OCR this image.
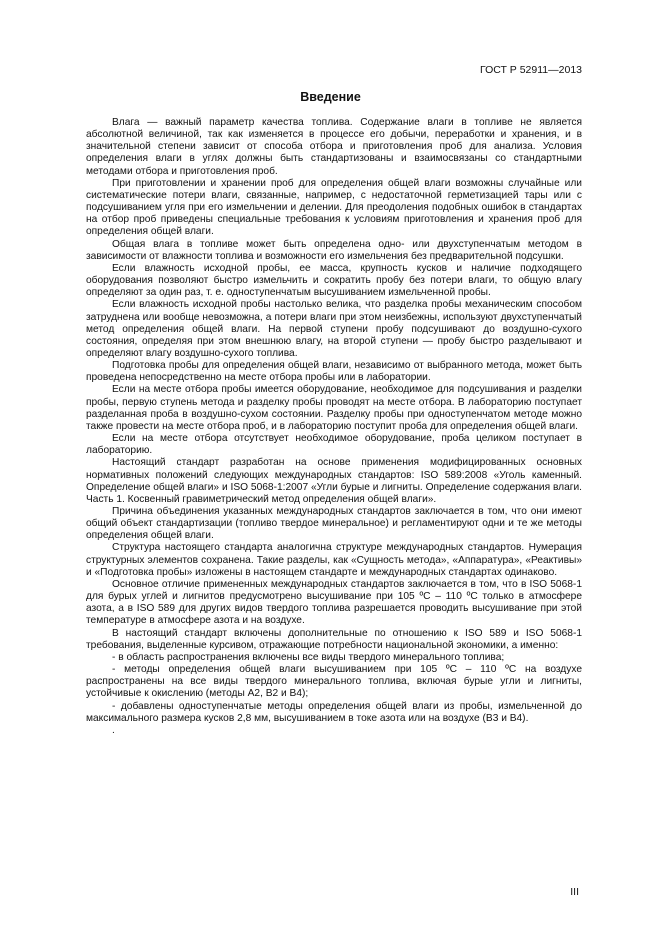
ГОСТ Р 52911—2013
Введение

Влага — важный параметр качества топлива. Содержание влаги в топливе не является абсолютной величиной, так как изменяется в процессе его добычи, переработки и хранения, и в значительной степени зависит от способа отбора и приготовления проб для анализа. Условия определения влаги в углях должны быть стандартизованы и взаимосвязаны со стандартными методами отбора и приготовления проб.

При приготовлении и хранении проб для определения общей влаги возможны случайные или систематические потери влаги, связанные, например, с недостаточной герметизацией тары или с подсушиванием угля при его измельчении и делении. Для преодоления подобных ошибок в стандартах на отбор проб приведены специальные требования к условиям приготовления и хранения проб для определения общей влаги.

Общая влага в топливе может быть определена одно- или двухступенчатым методом в зависимости от влажности топлива и возможности его измельчения без предварительной подсушки.

Если влажность исходной пробы, ее масса, крупность кусков и наличие подходящего оборудования позволяют быстро измельчить и сократить пробу без потери влаги, то общую влагу определяют за один раз, т. е. одноступенчатым высушиванием измельченной пробы.

Если влажность исходной пробы настолько велика, что разделка пробы механическим способом затруднена или вообще невозможна, а потери влаги при этом неизбежны, используют двухступенчатый метод определения общей влаги. На первой ступени пробу подсушивают до воздушно-сухого состояния, определяя при этом внешнюю влагу, на второй ступени — пробу быстро разделывают и определяют влагу воздушно-сухого топлива.

Подготовка пробы для определения общей влаги, независимо от выбранного метода, может быть проведена непосредственно на месте отбора пробы или в лаборатории.

Если на месте отбора пробы имеется оборудование, необходимое для подсушивания и разделки пробы, первую ступень метода и разделку пробы проводят на месте отбора. В лабораторию поступает разделанная проба в воздушно-сухом состоянии. Разделку пробы при одноступенчатом методе можно также провести на месте отбора проб, и в лабораторию поступит проба для определения общей влаги.

Если на месте отбора отсутствует необходимое оборудование, проба целиком поступает в лабораторию.

Настоящий стандарт разработан на основе применения модифицированных основных нормативных положений следующих международных стандартов: ISO 589:2008 «Уголь каменный. Определение общей влаги» и ISO 5068-1:2007 «Угли бурые и лигниты. Определение содержания влаги. Часть 1. Косвенный гравиметрический метод определения общей влаги».

Причина объединения указанных международных стандартов заключается в том, что они имеют общий объект стандартизации (топливо твердое минеральное) и регламентируют одни и те же методы определения общей влаги.

Структура настоящего стандарта аналогична структуре международных стандартов. Нумерация структурных элементов сохранена. Такие разделы, как «Сущность метода», «Аппаратура», «Реактивы» и «Подготовка пробы» изложены в настоящем стандарте и международных стандартах одинаково.

Основное отличие примененных международных стандартов заключается в том, что в ISO 5068-1 для бурых углей и лигнитов предусмотрено высушивание при 105 ºС – 110 ºС только в атмосфере азота, а в ISO 589 для других видов твердого топлива разрешается проводить высушивание при этой температуре в атмосфере азота и на воздухе.

В настоящий стандарт включены дополнительные по отношению к ISO 589 и ISO 5068-1 требования, выделенные курсивом, отражающие потребности национальной экономики, а именно:

- в область распространения включены все виды твердого минерального топлива;

- методы определения общей влаги высушиванием при 105 ºС – 110 ºС на воздухе распространены на все виды твердого минерального топлива, включая бурые угли и лигниты, устойчивые к окислению (методы А2, В2 и В4);

- добавлены одноступенчатые методы определения общей влаги из пробы, измельченной до максимального размера кусков 2,8 мм, высушиванием в токе азота или на воздухе (В3 и В4).

.

III
